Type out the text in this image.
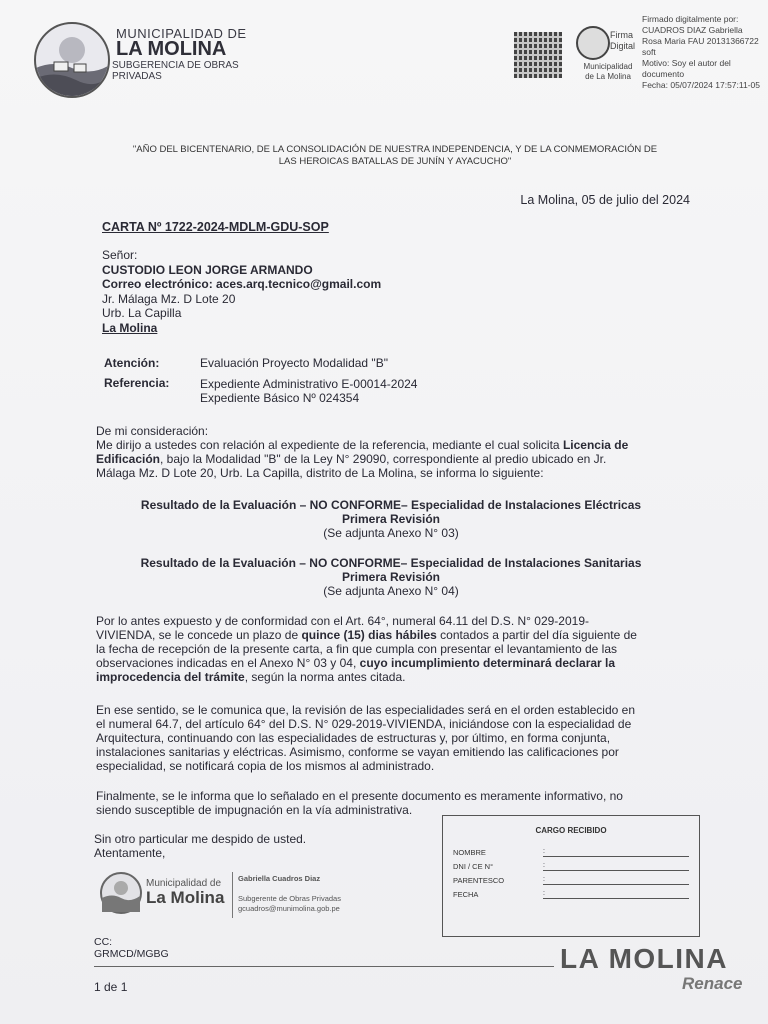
MUNICIPALIDAD DE
LA MOLINA
SUBGERENCIA DE OBRAS
PRIVADAS
Firma
Digital
Municipalidad
de La Molina
Firmado digitalmente por:
CUADROS DIAZ Gabriella
Rosa Maria FAU 20131366722
soft
Motivo: Soy el autor del
documento
Fecha: 05/07/2024 17:57:11-05
"AÑO DEL BICENTENARIO, DE LA CONSOLIDACIÓN DE NUESTRA INDEPENDENCIA, Y DE LA CONMEMORACIÓN DE
LAS HEROICAS BATALLAS DE JUNÍN Y AYACUCHO"
La Molina, 05 de julio del 2024
CARTA Nº 1722-2024-MDLM-GDU-SOP
Señor:
CUSTODIO LEON JORGE ARMANDO
Correo electrónico: aces.arq.tecnico@gmail.com
Jr. Málaga Mz. D Lote 20
Urb. La Capilla
La Molina
Atención:	Evaluación Proyecto Modalidad "B"
Referencia:	Expediente Administrativo E-00014-2024
Expediente Básico Nº 024354
De mi consideración:
Me dirijo a ustedes con relación al expediente de la referencia, mediante el cual solicita Licencia de
Edificación, bajo la Modalidad "B" de la Ley N° 29090, correspondiente al predio ubicado en Jr.
Málaga Mz. D Lote 20, Urb. La Capilla, distrito de La Molina, se informa lo siguiente:
Resultado de la Evaluación – NO CONFORME– Especialidad de Instalaciones Eléctricas
Primera Revisión
(Se adjunta Anexo N° 03)
Resultado de la Evaluación – NO CONFORME– Especialidad de Instalaciones Sanitarias
Primera Revisión
(Se adjunta Anexo N° 04)
Por lo antes expuesto y de conformidad con el Art. 64°, numeral 64.11 del D.S. N° 029-2019-
VIVIENDA, se le concede un plazo de quince (15) dias hábiles contados a partir del día siguiente de
la fecha de recepción de la presente carta, a fin que cumpla con presentar el levantamiento de las
observaciones indicadas en el Anexo N° 03 y 04, cuyo incumplimiento determinará declarar la
improcedencia del trámite, según la norma antes citada.
En ese sentido, se le comunica que, la revisión de las especialidades será en el orden establecido en
el numeral 64.7, del artículo 64° del D.S. N° 029-2019-VIVIENDA, iniciándose con la especialidad de
Arquitectura, continuando con las especialidades de estructuras y, por último, en forma conjunta,
instalaciones sanitarias y eléctricas. Asimismo, conforme se vayan emitiendo las calificaciones por
especialidad, se notificará copia de los mismos al administrado.
Finalmente, se le informa que lo señalado en el presente documento es meramente informativo, no
siendo susceptible de impugnación en la vía administrativa.
Sin otro particular me despido de usted.
Atentamente,
CARGO RECIBIDO
NOMBRE	:
DNI / CE N°	:
PARENTESCO	:
FECHA	:
Municipalidad de
La Molina
Gabriella Cuadros Diaz
Subgerente de Obras Privadas
gcuadros@munimolina.gob.pe
CC:
GRMCD/MGBG
1 de 1
LA MOLINA
Renace
